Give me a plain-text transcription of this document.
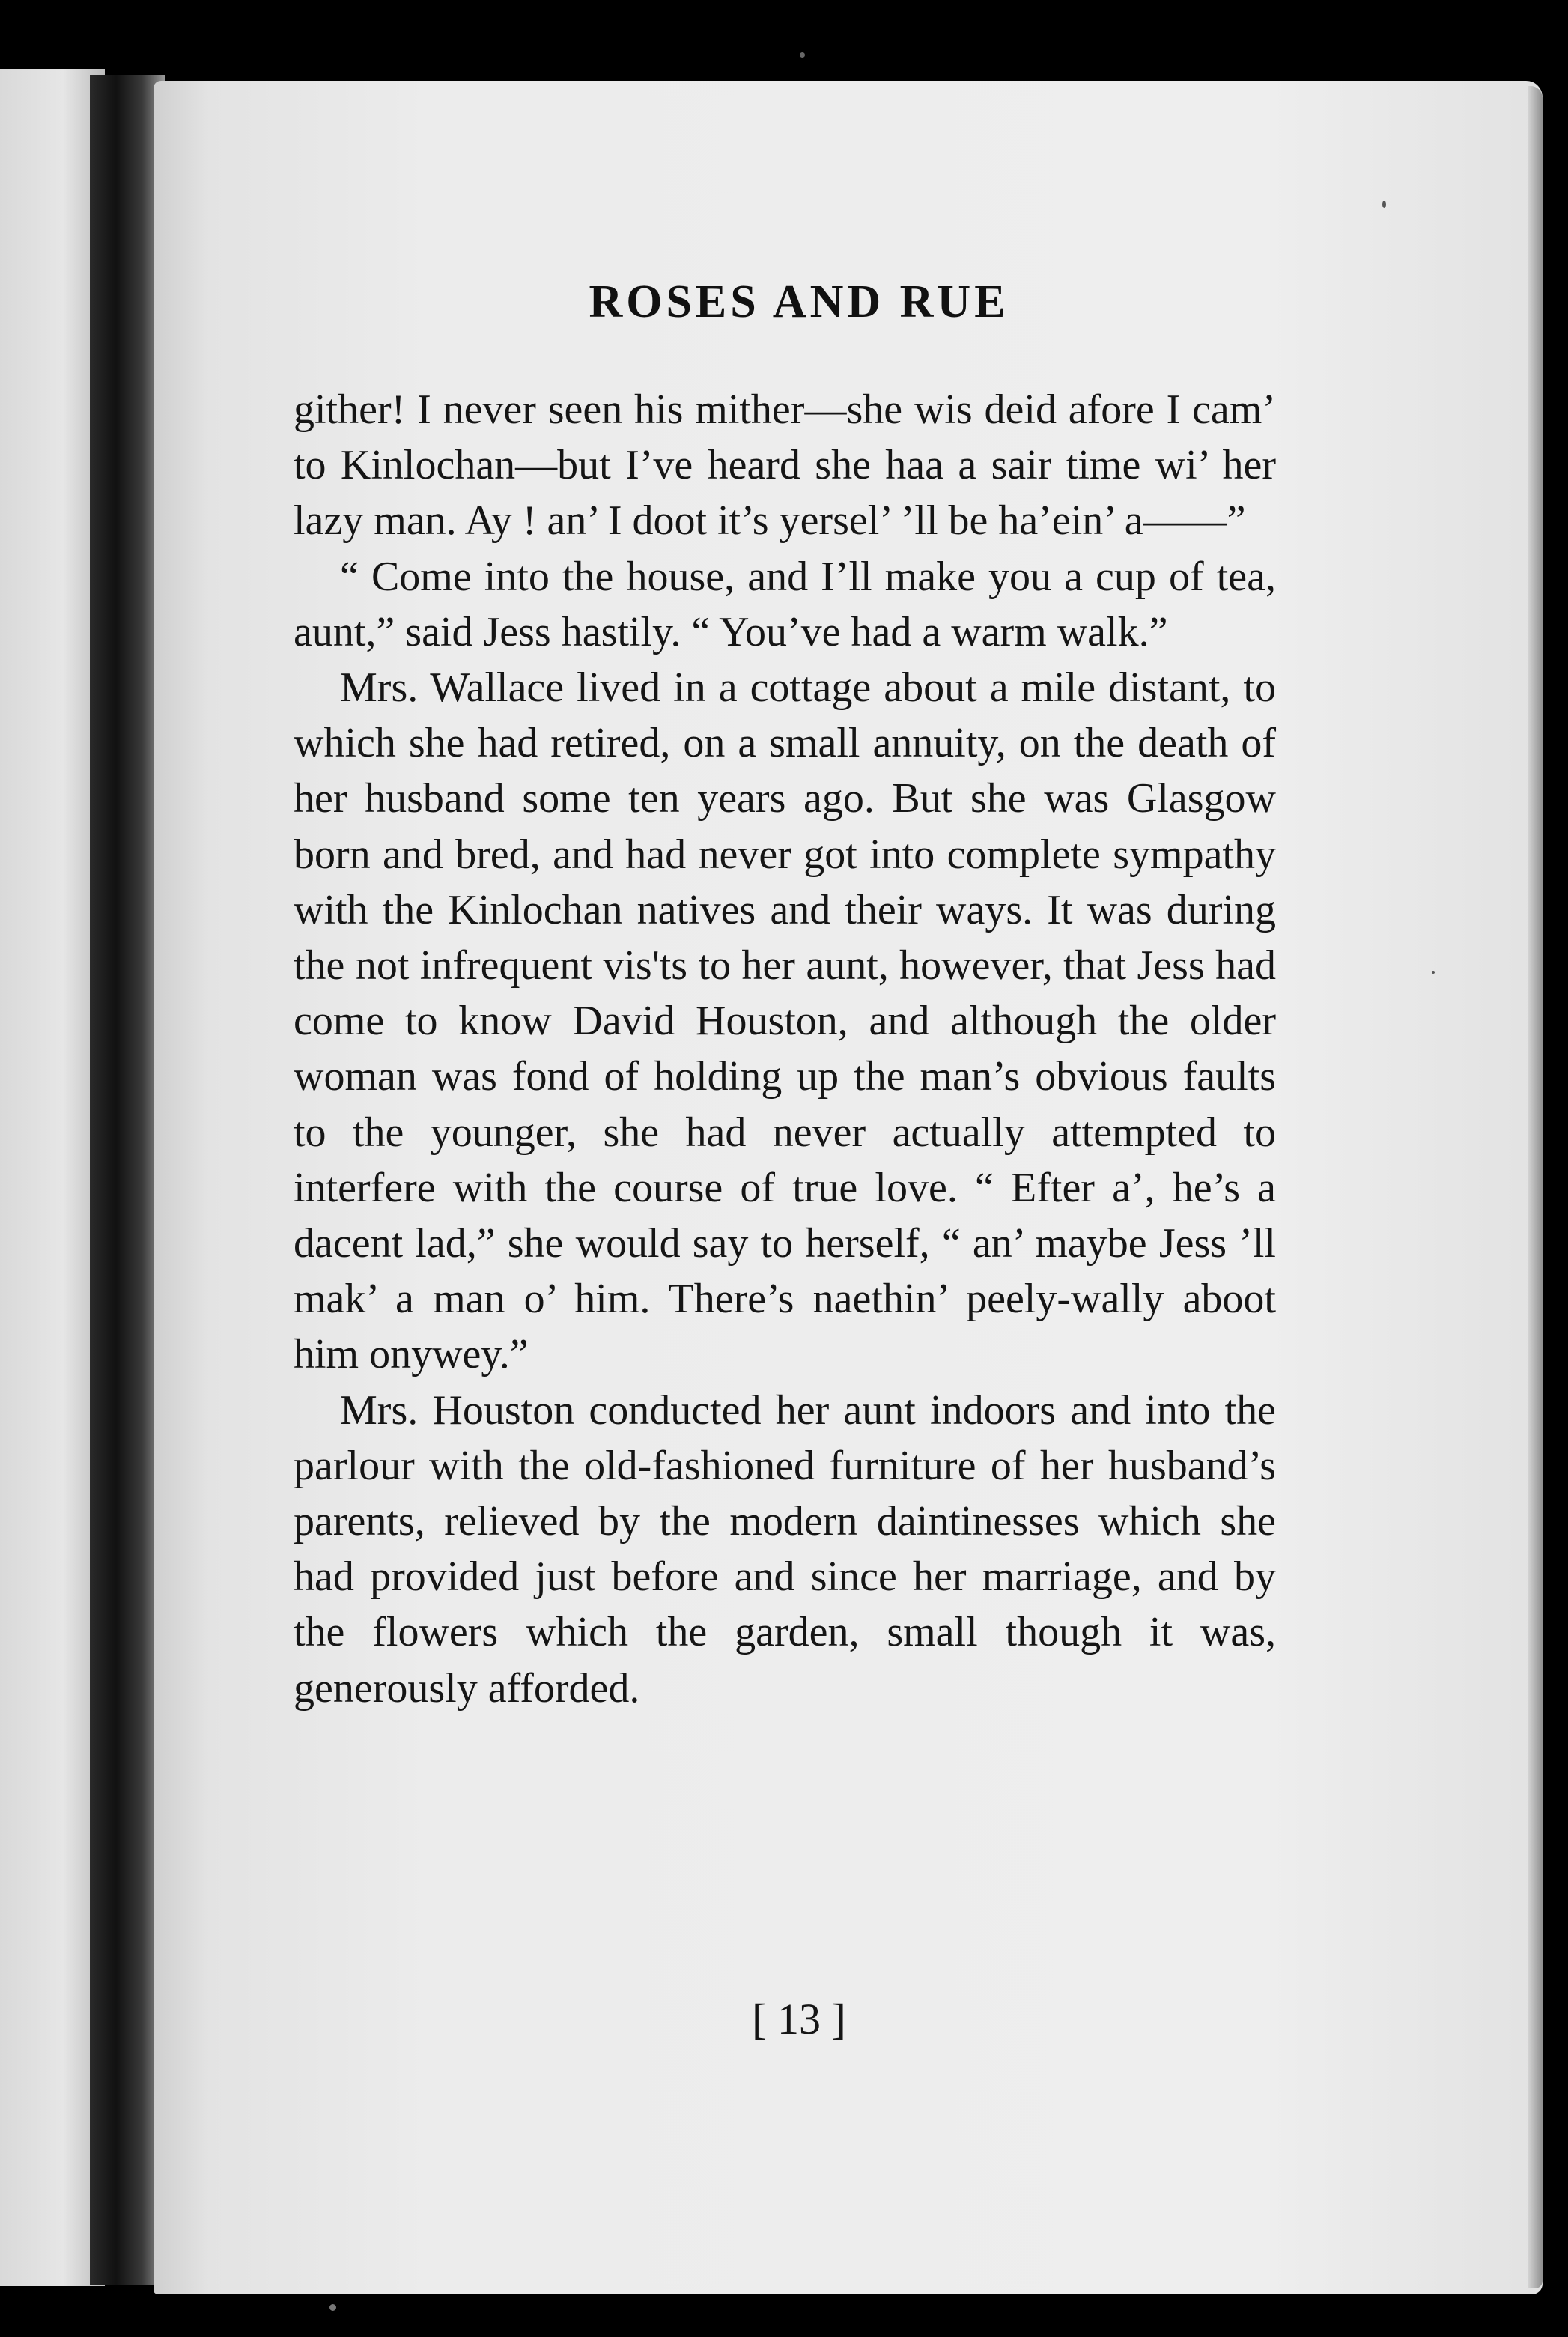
ROSES AND RUE

githerǃ I never seen his mither—she wis deid afore I cam’ to Kinlochan—but I’ve heard she haa a sair time wi’ her lazy man. Ay ! an’ I doot it’s yersel’ ’ll be ha’ein’ a——”

“ Come into the house, and I’ll make you a cup of tea, aunt,” said Jess hastily. “ You’ve had a warm walk.”

Mrs. Wallace lived in a cottage about a mile distant, to which she had retired, on a small annuity, on the death of her husband some ten years ago. But she was Glasgow born and bred, and had never got into complete sympathy with the Kinlochan natives and their ways. It was during the not infrequent vis'ts to her aunt, however, that Jess had come to know David Houston, and although the older woman was fond of holding up the man’s obvious faults to the younger, she had never actually attempted to interfere with the course of true love. “ Efter a’, he’s a dacent lad,” she would say to herself, “ an’ maybe Jess ’ll mak’ a man o’ him. There’s naethin’ peely-wally aboot him onywey.”

Mrs. Houston conducted her aunt indoors and into the parlour with the old-fashioned furniture of her husband’s parents, relieved by the modern daintinesses which she had provided just before and since her marriage, and by the flowers which the garden, small though it was, generously afforded.

[ 13 ]
